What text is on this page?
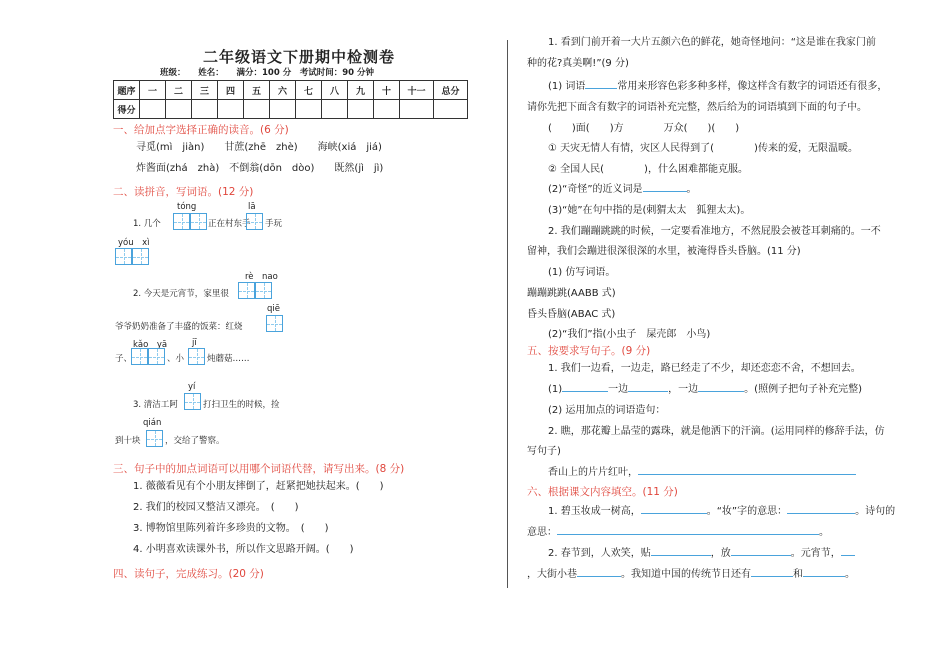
二年级语文下册期中检测卷
班级：　　姓名：　　满分：100 分　考试时间：90 分钟
题序	一	二	三	四	五	六	七	八	九	十	十一	总分
得分												
一、给加点字选择正确的读音。(6 分)
寻觅(mì　jiàn)　　甘蔗(zhē　zhè)　　海峡(xiá　jiá)
炸酱面(zhá　zhà)　不倒翁(dōn　dòo)　　既然(jì　jì)
二、读拼音，写词语。(12 分)
tóng	lā
1. 几个	正在村东手 手玩
yóu　xì
rè　nao
2. 今天是元宵节，家里很
qiē
爷爷奶奶准备了丰盛的饭菜：红烧
kǎo　yā	jī
子、	、小	炖蘑菇……
yí
3. 清洁工阿	打扫卫生的时候，捡
qián
到十块	，交给了警察。
三、句子中的加点词语可以用哪个词语代替，请写出来。(8 分)
1. 薇薇看见有个小朋友摔倒了，赶紧把她扶起来。(　　)
2. 我们的校园又整洁又漂亮。　(　　)
3. 博物馆里陈列着许多珍贵的文物。　(　　)
4. 小明喜欢读课外书，所以作文思路开阔。(　　)
四、读句子，完成练习。(20 分)
1. 看到门前开着一大片五颜六色的鲜花，她奇怪地问：“这是谁在我家门前
种的花?真美啊!”(9 分)
(1) 词语	常用来形容色彩多种多样，像这样含有数字的词语还有很多，
请你先把下面含有数字的词语补充完整，然后给为的词语填到下面的句子中。
(　　)面(　　)方　　　　万众(　　)(　　)
① 天灾无情人有情，灾区人民得到了(　　　　)传来的爱，无限温暖。
② 全国人民(　　　　)，什么困难都能克服。
(2)“奇怪”的近义词是	。
(3)“她”在句中指的是(刺猬太太　狐狸太太)。
2. 我们蹦蹦跳跳的时候，一定要看准地方，不然屁股会被苍耳刺痛的。一不
留神，我们会蹦进很深很深的水里，被淹得昏头昏脑。(11 分)
(1) 仿写词语。
蹦蹦跳跳(AABB 式)
昏头昏脑(ABAC 式)
(2)“我们”指(小虫子　屎壳郎　小鸟)
五、按要求写句子。(9 分)
1. 我们一边看，一边走，路已经走了不少，却还恋恋不舍，不想回去。
(1)	一边	，一边	。(照例子把句子补充完整)
(2) 运用加点的词语造句：
2. 瞧，那花瓣上晶莹的露珠，就是他洒下的汗滴。(运用同样的修辞手法，仿
写句子)
香山上的片片红叶，
六、根据课文内容填空。(11 分)
1. 碧玉妆成一树高，	。“妆”字的意思：	。诗句的
意思：	。
2. 春节到，人欢笑，贴	，放	。元宵节，
，大街小巷	。我知道中国的传统节日还有	和	。
